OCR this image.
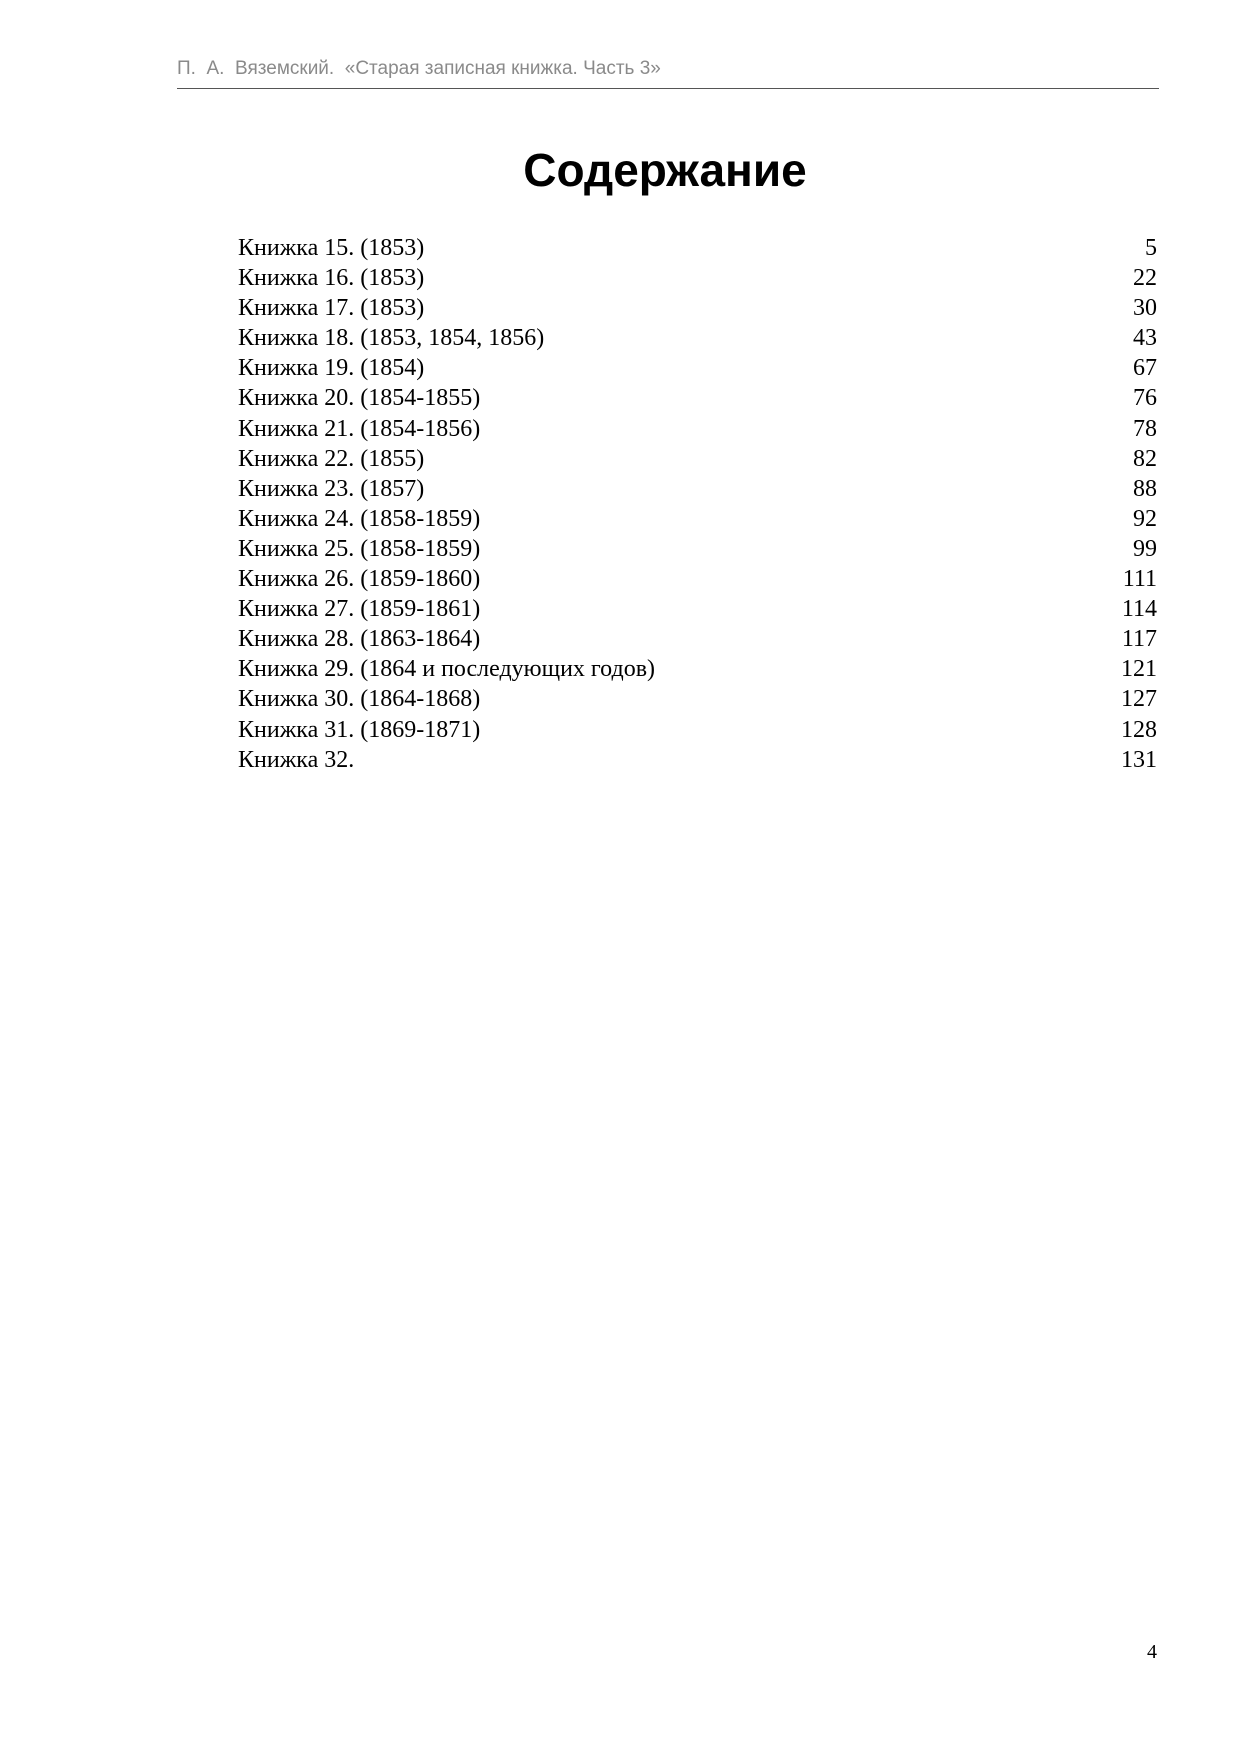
П.  А.  Вяземский.  «Старая записная книжка. Часть 3»
Содержание
Книжка 15. (1853)	5
Книжка 16. (1853)	22
Книжка 17. (1853)	30
Книжка 18. (1853, 1854, 1856)	43
Книжка 19. (1854)	67
Книжка 20. (1854-1855)	76
Книжка 21. (1854-1856)	78
Книжка 22. (1855)	82
Книжка 23. (1857)	88
Книжка 24. (1858-1859)	92
Книжка 25. (1858-1859)	99
Книжка 26. (1859-1860)	111
Книжка 27. (1859-1861)	114
Книжка 28. (1863-1864)	117
Книжка 29. (1864 и последующих годов)	121
Книжка 30. (1864-1868)	127
Книжка 31. (1869-1871)	128
Книжка 32.	131
4
